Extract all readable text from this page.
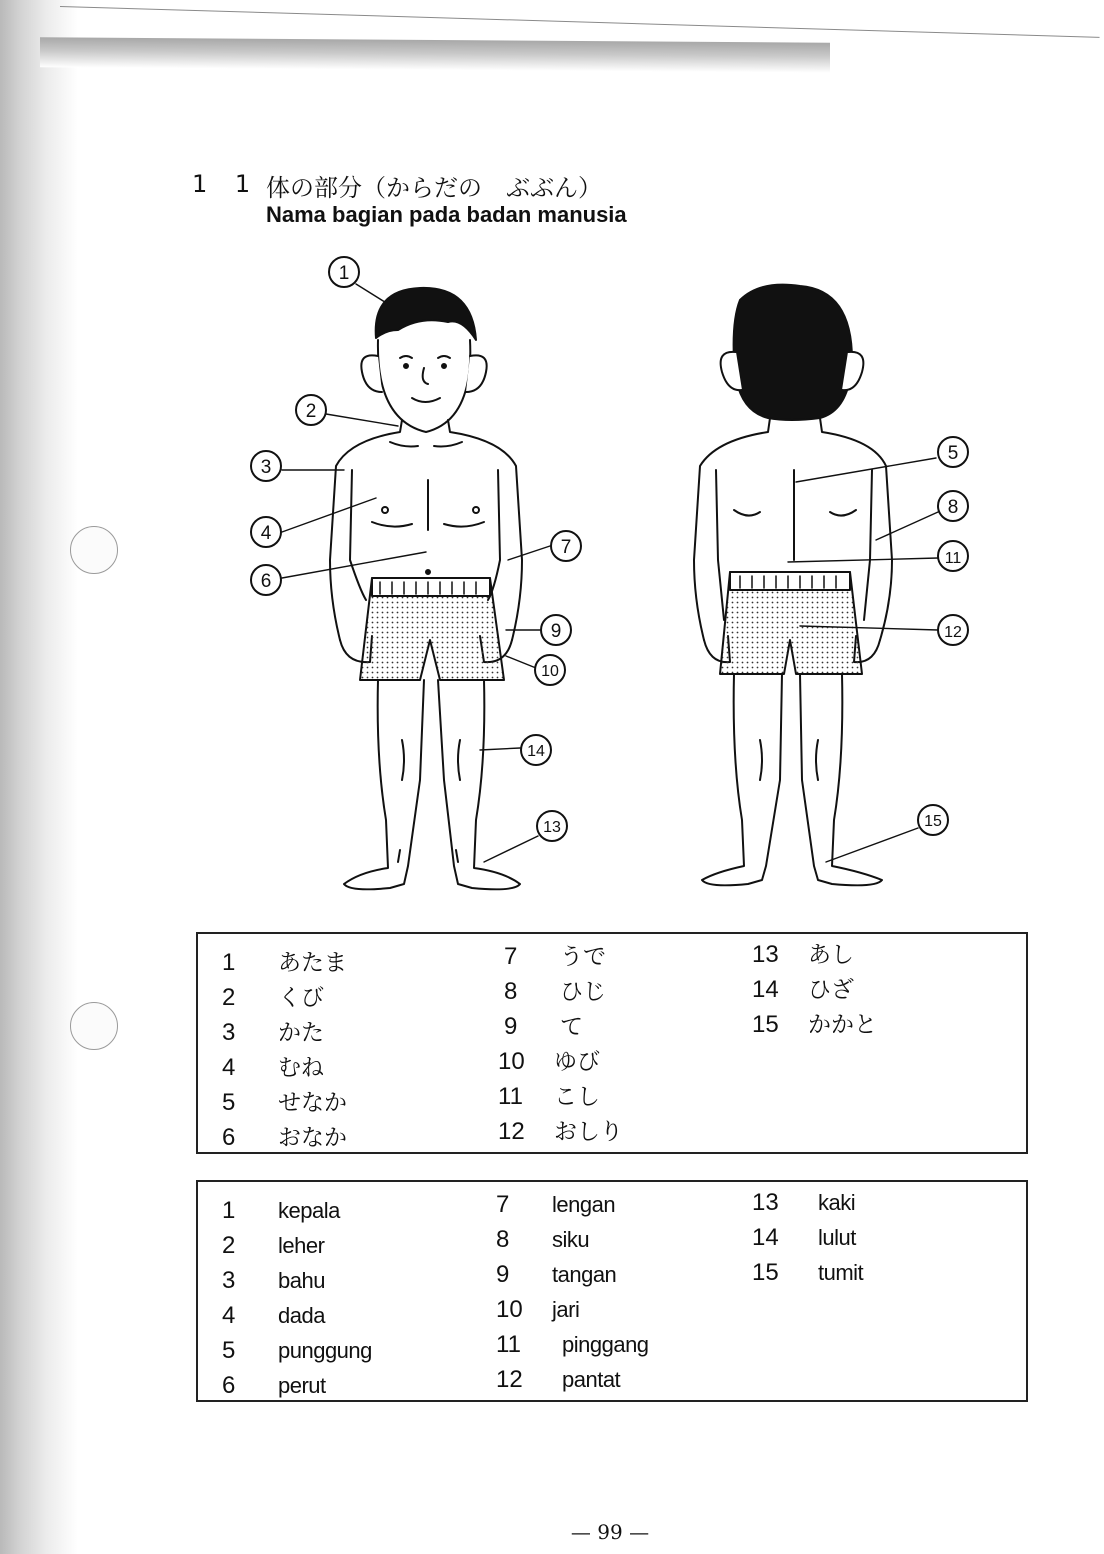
1 1 体の部分（からだの　ぶぶん）
Nama bagian pada badan manusia
1
2
3
4
5
6
7
8
11
12
9
10
14
13	15
1 あたま
2 くび
3 かた
4 むね
5 せなか
6 おなか
7 うで
8 ひじ
9 て
10 ゆび
11 こし
12 おしり
13 あし
14 ひざ
15 かかと
1 kepala
2 leher
3 bahu
4 dada
5 punggung
6 perut
7 lengan
8 siku
9 tangan
10 jari
11 pinggang
12 pantat
13 kaki
14 lulut
15 tumit
— 99 —
